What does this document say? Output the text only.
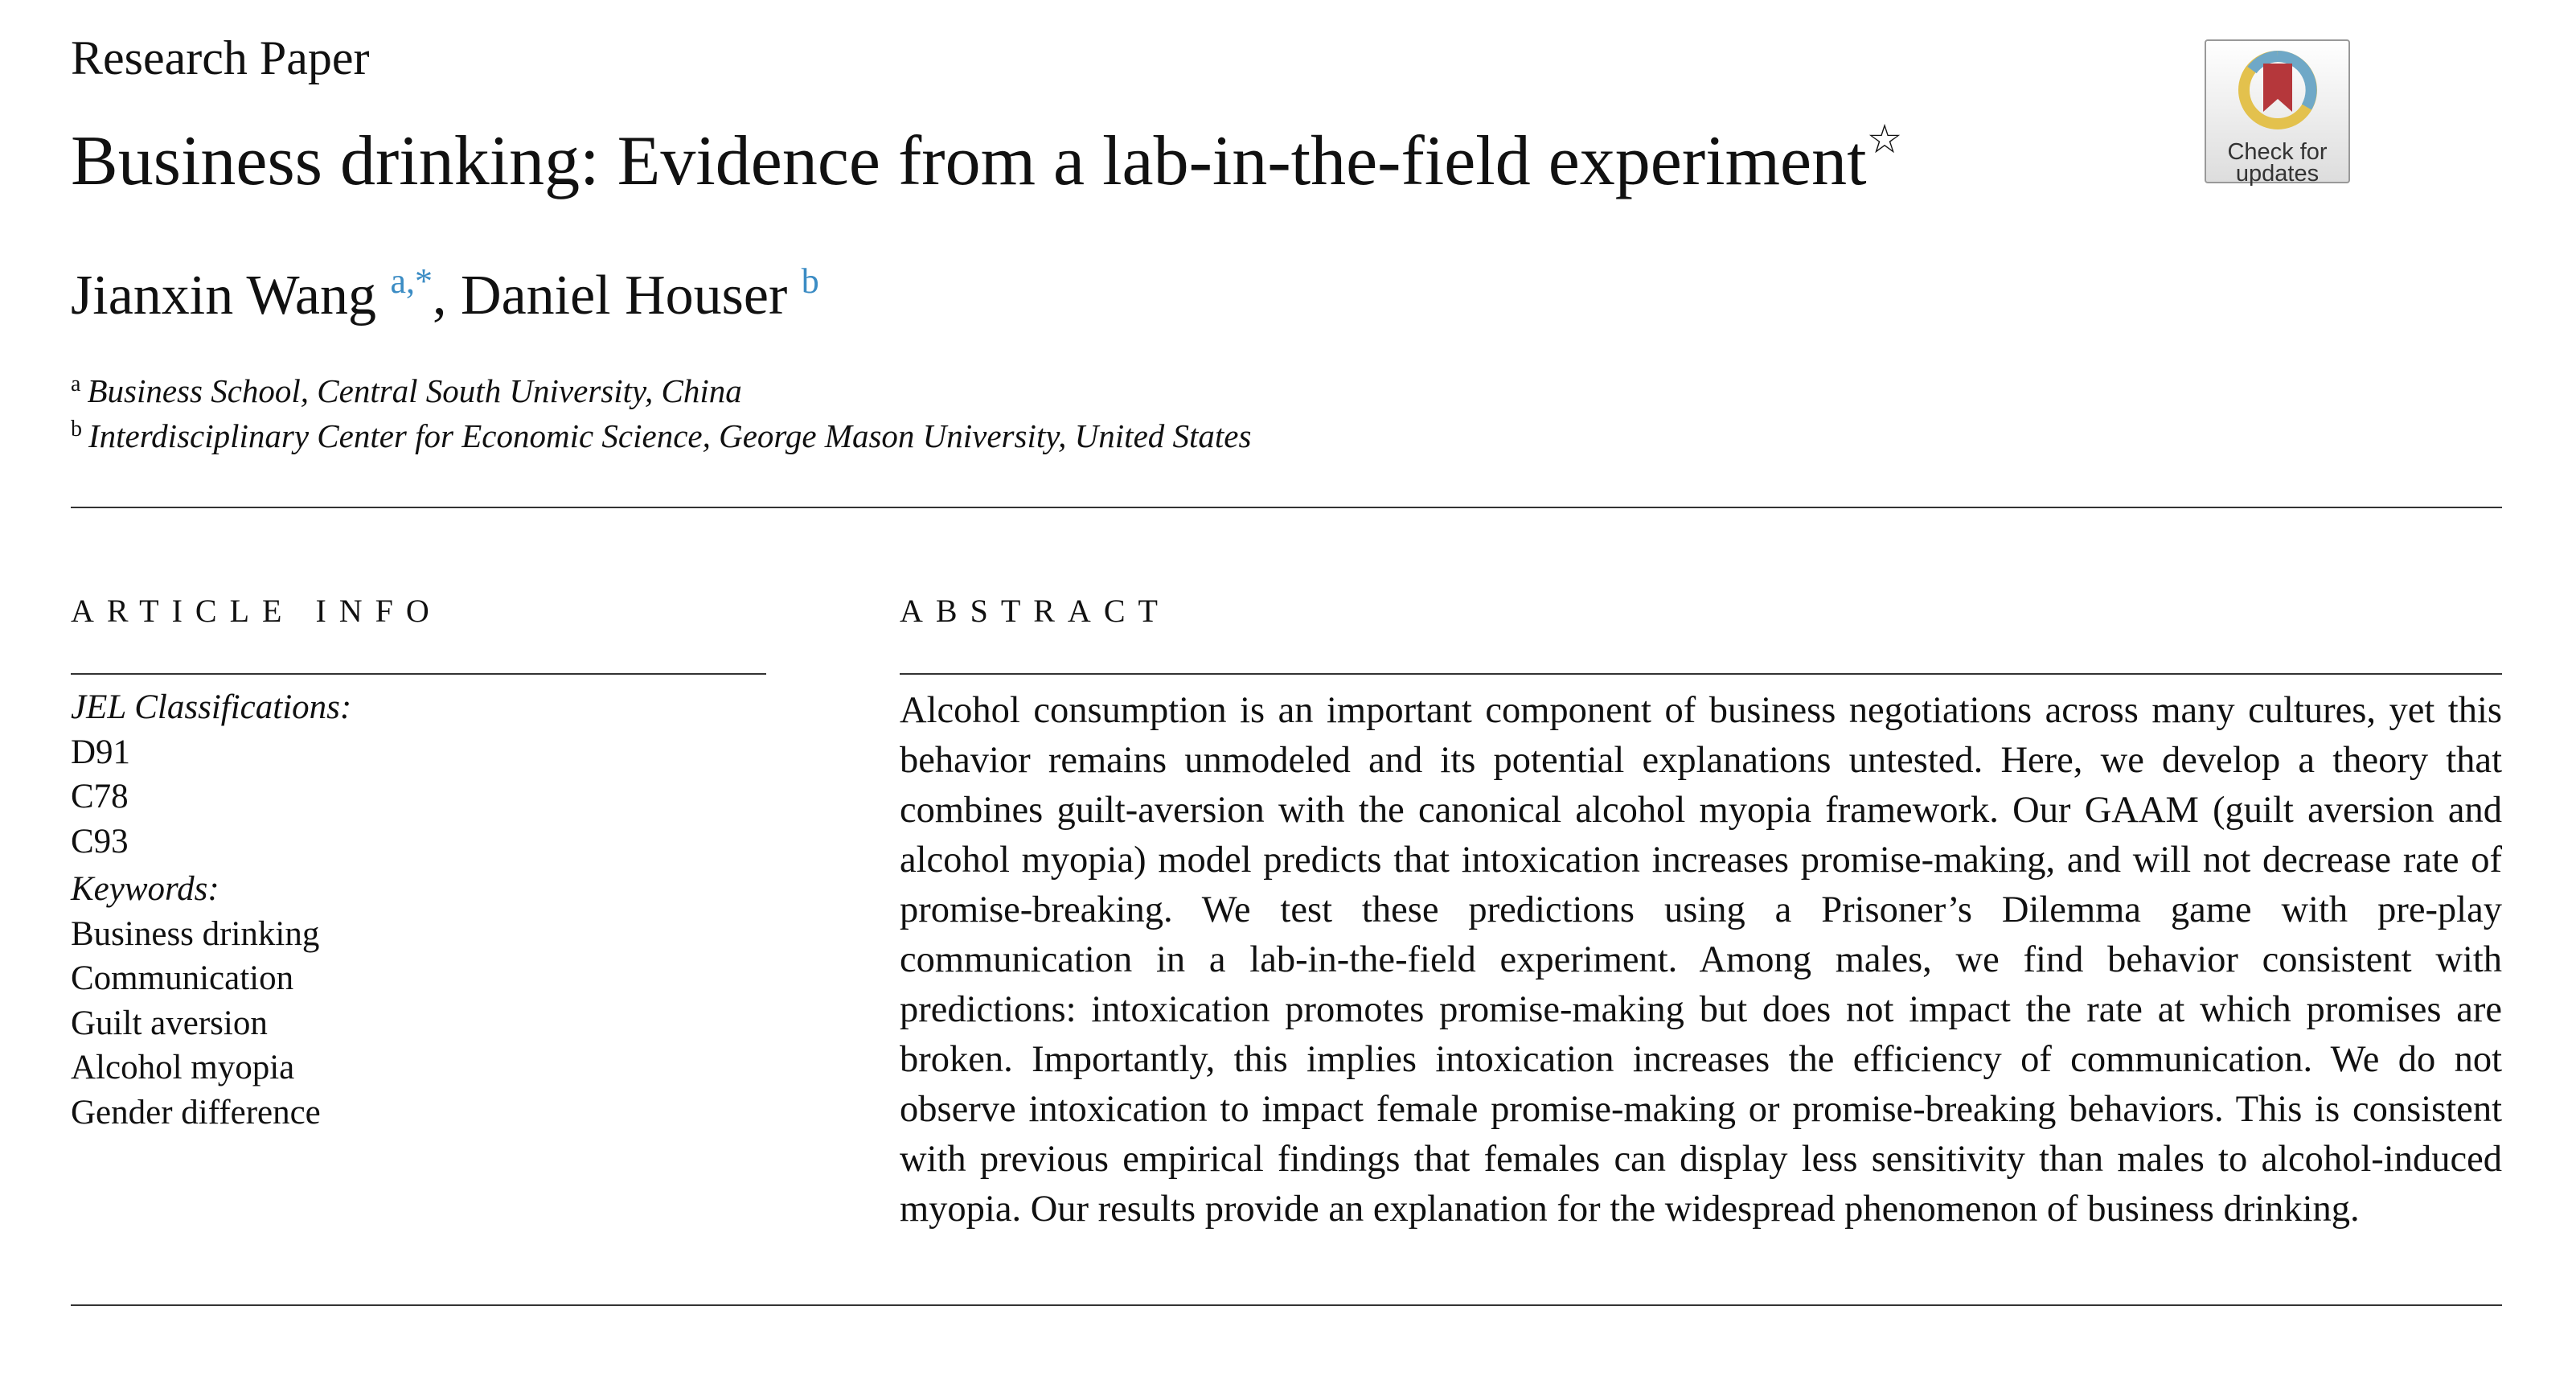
Research Paper
Business drinking: Evidence from a lab-in-the-field experiment☆	Check for
updates
Jianxin Wang $^{a,*}$, Daniel Houser $^b$
$^a$ Business School, Central South University, China
$^b$ Interdisciplinary Center for Economic Science, George Mason University, United States
ARTICLE INFO
JEL Classifications:
D91
C78
C93
Keywords:
Business drinking
Communication
Guilt aversion
Alcohol myopia
Gender difference
ABSTRACT
Alcohol consumption is an important component of business negotiations across many cultures, yet this behavior remains unmodeled and its potential explanations untested. Here, we develop a theory that combines guilt-aversion with the canonical alcohol myopia framework. Our GAAM (guilt aversion and alcohol myopia) model predicts that intoxication increases promise-making, and will not decrease rate of promise-breaking. We test these predictions using a Prisoner’s Dilemma game with pre-play communication in a lab-in-the-field experiment. Among males, we find behavior consistent with predictions: intoxication promotes promise-making but does not impact the rate at which promises are broken. Importantly, this implies intoxication increases the efficiency of communication. We do not observe intoxication to impact female promise-making or promise-breaking behaviors. This is consistent with previous empirical findings that females can display less sensitivity than males to alcohol-induced myopia. Our results provide an explanation for the widespread phenomenon of business drinking.
